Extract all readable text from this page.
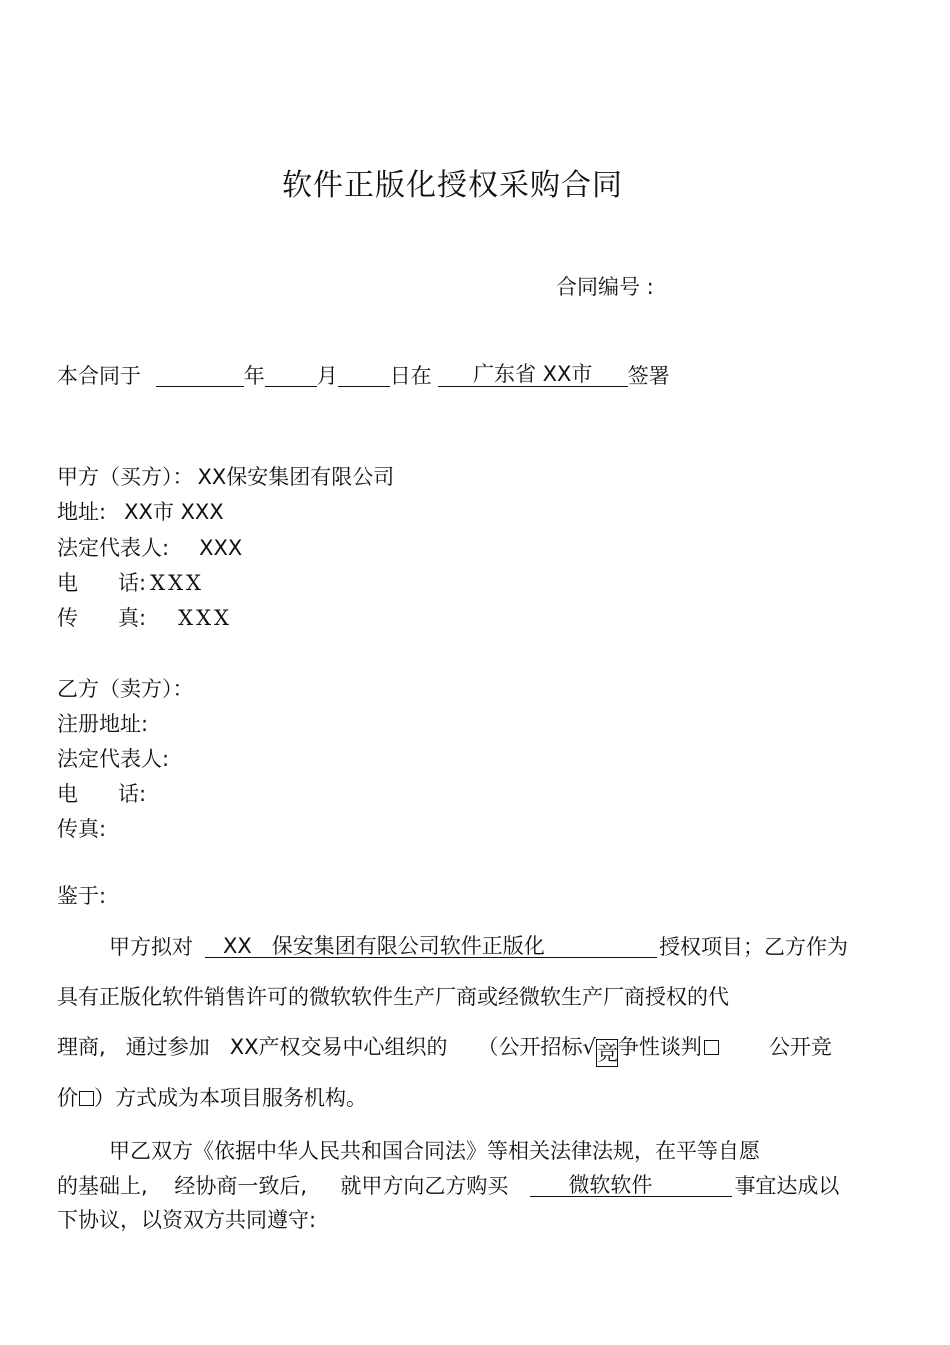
软件正版化授权采购合同
合同编号 :
本合同于	年 月 日在 广东省 XX市 签署
甲方（买方）： XX保安集团有限公司
地址: XX市 XXX
法定代表人: XXX
电      话: XXX
传      真: XXX
乙方（卖方）：
注册地址:
法定代表人:
电      话:
传真:
鉴于:
甲方拟对 XX   保安集团有限公司软件正版化	授权项目；乙方作为
具有正版化软件销售许可的微软软件生产厂商或经微软生产厂商授权的代
理商,   通过参加   XX产权交易中心组织的 （公开招标√竞争性谈判	公开竞
价 ）方式成为本项目服务机构。
甲乙双方《依据中华人民共和国合同法》等相关法律法规，在平等自愿
的基础上,    经协商一致后,     就甲方向乙方购买	微软软件	事宜达成以
下协议，以资双方共同遵守:
